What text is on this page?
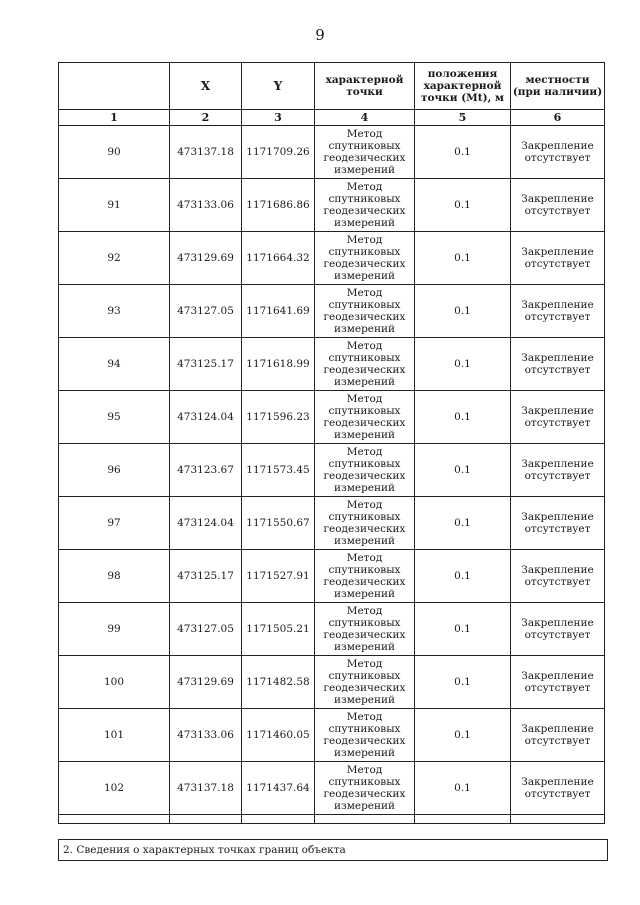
9
	X	Y	характерной точки	положения характерной точки (Mt), м	местности (при наличии)
1	2	3	4	5	6
90	473137.18	1171709.26	Метод спутниковых геодезических измерений	0.1	Закрепление отсутствует
91	473133.06	1171686.86	Метод спутниковых геодезических измерений	0.1	Закрепление отсутствует
92	473129.69	1171664.32	Метод спутниковых геодезических измерений	0.1	Закрепление отсутствует
93	473127.05	1171641.69	Метод спутниковых геодезических измерений	0.1	Закрепление отсутствует
94	473125.17	1171618.99	Метод спутниковых геодезических измерений	0.1	Закрепление отсутствует
95	473124.04	1171596.23	Метод спутниковых геодезических измерений	0.1	Закрепление отсутствует
96	473123.67	1171573.45	Метод спутниковых геодезических измерений	0.1	Закрепление отсутствует
97	473124.04	1171550.67	Метод спутниковых геодезических измерений	0.1	Закрепление отсутствует
98	473125.17	1171527.91	Метод спутниковых геодезических измерений	0.1	Закрепление отсутствует
99	473127.05	1171505.21	Метод спутниковых геодезических измерений	0.1	Закрепление отсутствует
100	473129.69	1171482.58	Метод спутниковых геодезических измерений	0.1	Закрепление отсутствует
101	473133.06	1171460.05	Метод спутниковых геодезических измерений	0.1	Закрепление отсутствует
102	473137.18	1171437.64	Метод спутниковых геодезических измерений	0.1	Закрепление отсутствует

2. Сведения о характерных точках границ объекта
